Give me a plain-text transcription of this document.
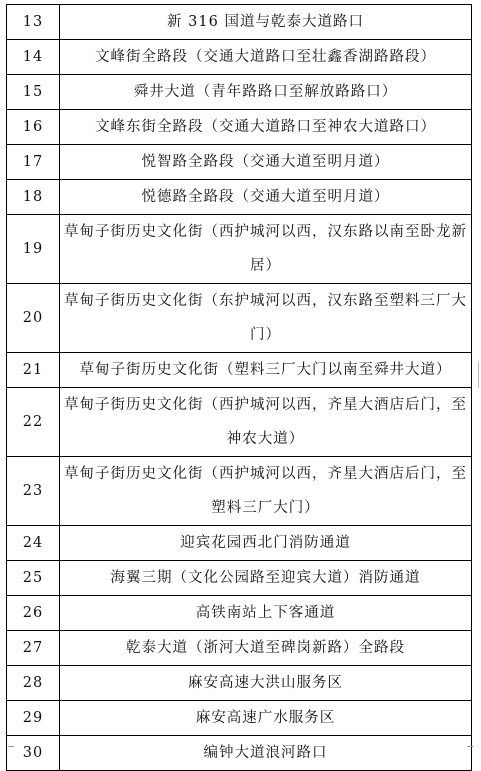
13	新 316 国道与乾泰大道路口
14	文峰街全路段（交通大道路口至壮鑫香湖路路段）
15	舜井大道（青年路路口至解放路路口）
16	文峰东街全路段（交通大道路口至神农大道路口）
17	悦智路全路段（交通大道至明月道）
18	悦德路全路段（交通大道至明月道）
19	草甸子街历史文化街（西护城河以西，汉东路以南至卧龙新居）
20	草甸子街历史文化街（东护城河以西，汉东路至塑料三厂大门）
21	草甸子街历史文化街（塑料三厂大门以南至舜井大道）
22	草甸子街历史文化街（西护城河以西，齐星大酒店后门，至神农大道）
23	草甸子街历史文化街（西护城河以西，齐星大酒店后门，至塑料三厂大门）
24	迎宾花园西北门消防通道
25	海翼三期（文化公园路至迎宾大道）消防通道
26	高铁南站上下客通道
27	乾泰大道（浙河大道至碑岗新路）全路段
28	麻安高速大洪山服务区
29	麻安高速广水服务区
30	编钟大道浪河路口
